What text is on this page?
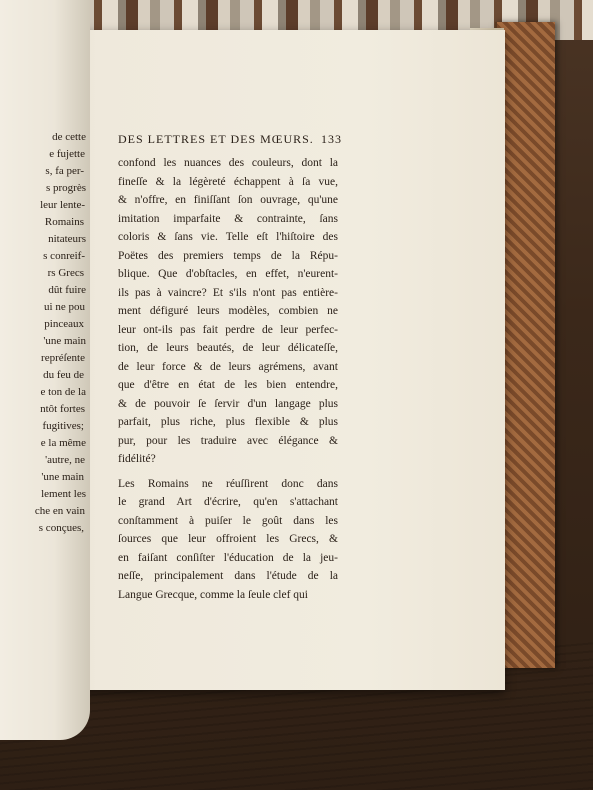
de cette
e fujette
s, fa per-
s progrès
leur lente-
Romains
nitateurs
s conreif-
rs Grecs
dût fuire
ui ne pou
pinceaux
'une main
repréſente
du feu de
e ton de la
ntôt fortes
fugitives;
e la même
'autre, ne
'une main
lement les
che en vain
s conçues,
DES LETTRES ET DES MŒURS. 133
confond les nuances des couleurs, dont la
fineſſe & la légèreté échappent à ſa vue,
& n'offre, en finiſſant ſon ouvrage, qu'une
imitation imparfaite & contrainte, ſans
coloris & ſans vie. Telle eſt l'hiſtoire des
Poëtes des premiers temps de la Répu-
blique. Que d'obſtacles, en effet, n'eurent-
ils pas à vaincre? Et s'ils n'ont pas entière-
ment défiguré leurs modèles, combien ne
leur ont-ils pas fait perdre de leur perfec-
tion, de leurs beautés, de leur délicateſſe,
de leur force & de leurs agrémens, avant
que d'être en état de les bien entendre,
& de pouvoir ſe ſervir d'un langage plus
parfait, plus riche, plus flexible & plus
pur, pour les traduire avec élégance &
fidélité?
Les Romains ne réuſſirent donc dans
le grand Art d'écrire, qu'en s'attachant
conſtamment à puiſer le goût dans les
ſources que leur offroient les Grecs, &
en faiſant conſiſter l'éducation de la jeu-
neſſe, principalement dans l'étude de la
Langue Grecque, comme la ſeule clef qui
